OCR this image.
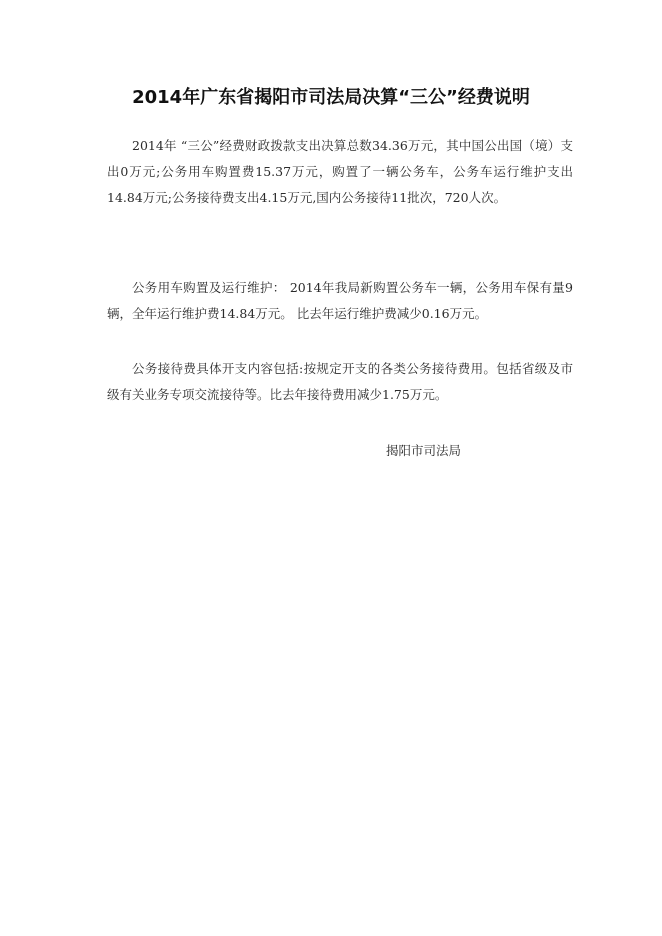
2014年广东省揭阳市司法局决算“三公”经费说明
2014年 “三公”经费财政拨款支出决算总数34.36万元，其中国公出国（境）支出0万元;公务用车购置费15.37万元，购置了一辆公务车，公务车运行维护支出14.84万元;公务接待费支出4.15万元,国内公务接待11批次，720人次。
公务用车购置及运行维护： 2014年我局新购置公务车一辆，公务用车保有量9辆，全年运行维护费14.84万元。 比去年运行维护费减少0.16万元。
公务接待费具体开支内容包括:按规定开支的各类公务接待费用。包括省级及市级有关业务专项交流接待等。比去年接待费用减少1.75万元。
揭阳市司法局
